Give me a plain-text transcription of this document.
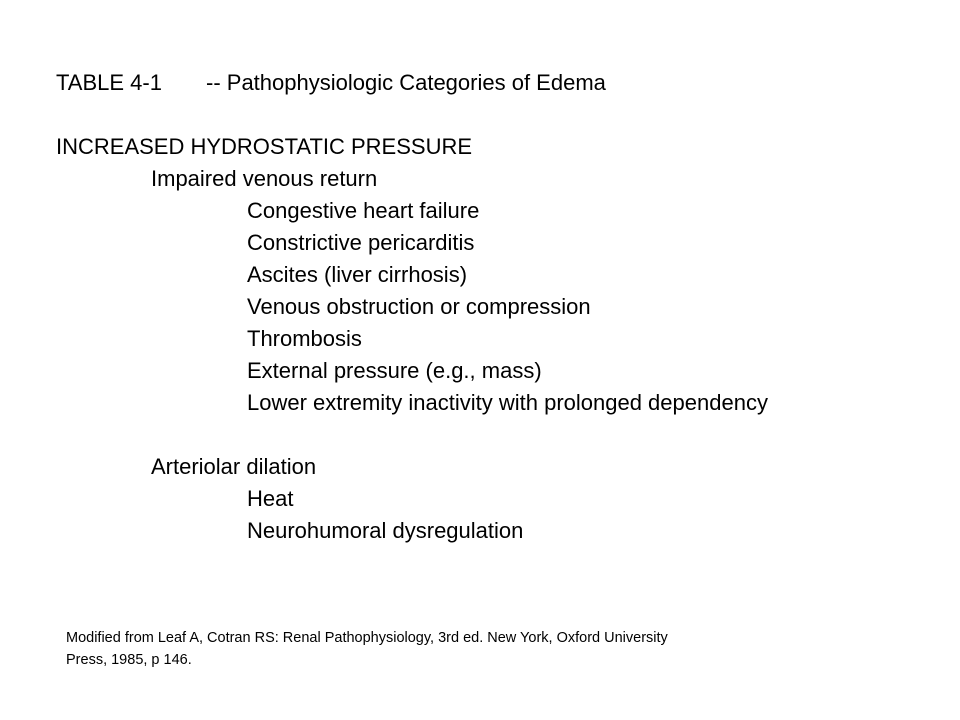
TABLE 4-1 -- Pathophysiologic Categories of Edema
INCREASED HYDROSTATIC PRESSURE
Impaired venous return
Congestive heart failure
Constrictive pericarditis
Ascites (liver cirrhosis)
Venous obstruction or compression
Thrombosis
External pressure (e.g., mass)
Lower extremity inactivity with prolonged dependency
Arteriolar dilation
Heat
Neurohumoral dysregulation
Modified from Leaf A, Cotran RS: Renal Pathophysiology, 3rd ed. New York, Oxford University
Press, 1985, p 146.
